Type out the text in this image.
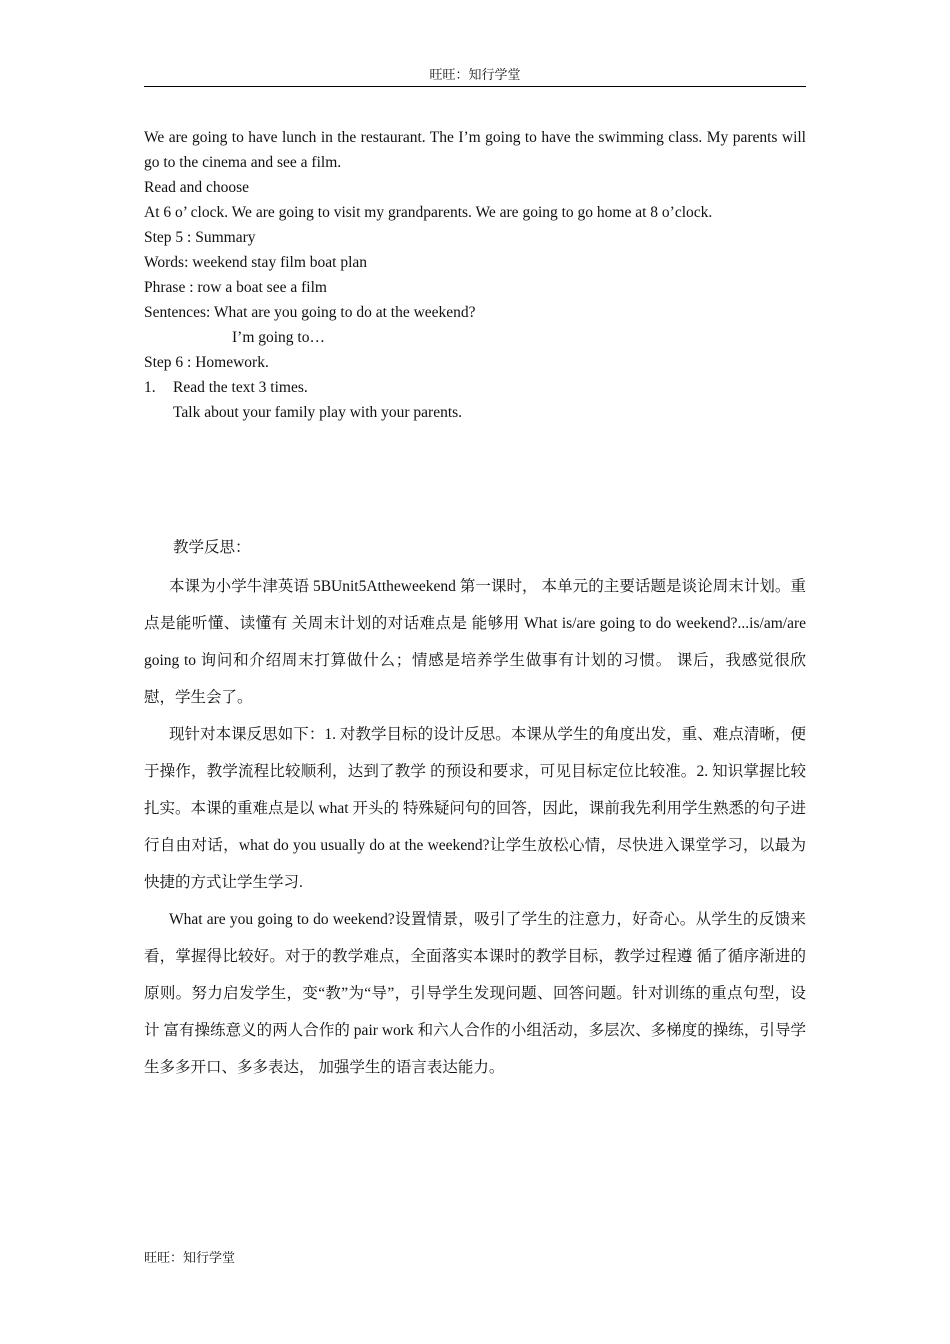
旺旺：知行学堂

We are going to have lunch in the restaurant. The I’m going to have the swimming class. My parents will go to the cinema and see a film.

Read and choose

At 6 o’ clock. We are going to visit my grandparents. We are going to go home at 8 o’clock.

Step 5 : Summary

Words: weekend stay film boat plan

Phrase : row a boat see a film

Sentences: What are you going to do at the weekend?

I’m going to…

Step 6 : Homework.

1.	Read the text 3 times.

Talk about your family play with your parents.

教学反思：

本课为小学牛津英语 5BUnit5Attheweekend 第一课时， 本单元的主要话题是谈论周末计划。重点是能听懂、读懂有 关周末计划的对话难点是 能够用 What is/are going to do weekend?...is/am/are going to 询问和介绍周末打算做什么；情感是培养学生做事有计划的习惯。 课后，我感觉很欣慰，学生会了。

现针对本课反思如下：1. 对教学目标的设计反思。本课从学生的角度出发，重、难点清晰，便于操作，教学流程比较顺利，达到了教学 的预设和要求，可见目标定位比较准。2. 知识掌握比较扎实。本课的重难点是以 what 开头的 特殊疑问句的回答，因此，课前我先利用学生熟悉的句子进 行自由对话，what do you usually do at the weekend?让学生放松心情，尽快进入课堂学习，以最为快捷的方式让学生学习.

What are you going to do weekend?设置情景，吸引了学生的注意力，好奇心。从学生的反馈来看，掌握得比较好。对于的教学难点，全面落实本课时的教学目标，教学过程遵 循了循序渐进的原则。努力启发学生，变“教”为“导”，引导学生发现问题、回答问题。针对训练的重点句型，设计 富有操练意义的两人合作的 pair work 和六人合作的小组活动，多层次、多梯度的操练，引导学生多多开口、多多表达， 加强学生的语言表达能力。

旺旺：知行学堂
